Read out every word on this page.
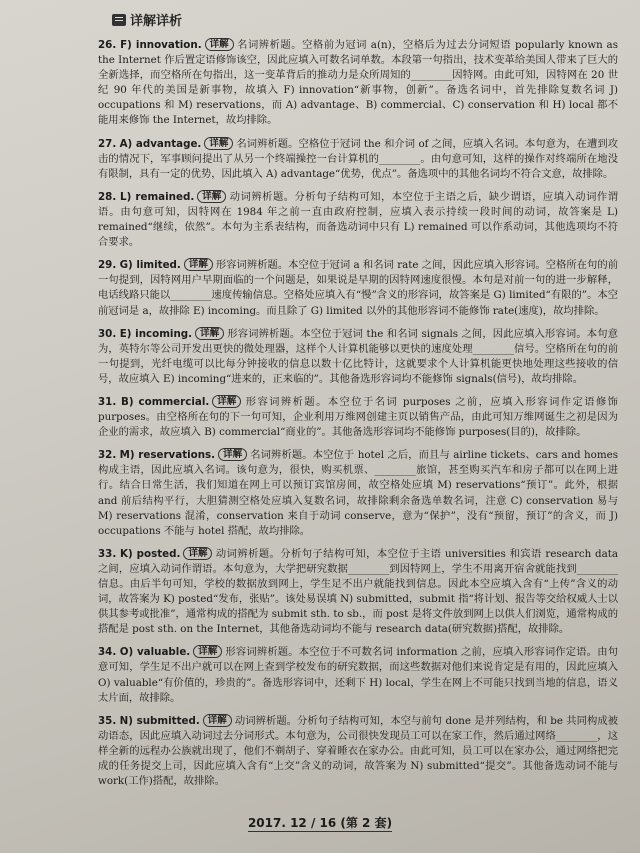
详解详析

26. F) innovation. 详解 名词辨析题。空格前为冠词 a(n)，空格后为过去分词短语 popularly known as the Internet 作后置定语修饰该空，因此应填入可数名词单数。本段第一句指出，技术变革给美国人带来了巨大的全新选择，而空格所在句指出，这一变革背后的推动力是众所周知的________因特网。由此可知，因特网在 20 世纪 90 年代的美国是新事物，故填入 F) innovation“新事物，创新”。备选名词中，首先排除复数名词 J) occupations 和 M) reservations，而 A) advantage、B) commercial、C) conservation 和 H) local 都不能用来修饰 the Internet，故均排除。

27. A) advantage. 详解 名词辨析题。空格位于冠词 the 和介词 of 之间，应填入名词。本句意为，在遭到攻击的情况下，军事顾问提出了从另一个终端操控一台计算机的________。由句意可知，这样的操作对终端所在地没有限制，具有一定的优势，因此填入 A) advantage“优势，优点”。备选项中的其他名词均不符合文意，故排除。

28. L) remained. 详解 动词辨析题。分析句子结构可知，本空位于主语之后，缺少谓语，应填入动词作谓语。由句意可知，因特网在 1984 年之前一直由政府控制，应填入表示持续一段时间的动词，故答案是 L) remained“继续，依然”。本句为主系表结构，而备选动词中只有 L) remained 可以作系动词，其他选项均不符合要求。

29. G) limited. 详解 形容词辨析题。本空位于冠词 a 和名词 rate 之间，因此应填入形容词。空格所在句的前一句提到，因特网用户早期面临的一个问题是，如果说是早期的因特网速度很慢。本句是对前一句的进一步解释，电话线路只能以________速度传输信息。空格处应填入有“慢”含义的形容词，故答案是 G) limited“有限的”。本空前冠词是 a，故排除 E) incoming。而且除了 G) limited 以外的其他形容词不能修饰 rate(速度)，故均排除。

30. E) incoming. 详解 形容词辨析题。本空位于冠词 the 和名词 signals 之间，因此应填入形容词。本句意为，英特尔等公司开发出更快的微处理器，这样个人计算机能够以更快的速度处理________信号。空格所在句的前一句提到，光纤电缆可以比每分钟接收的信息以数十亿比特计，这就要求个人计算机能更快地处理这些接收的信号，故应填入 E) incoming“进来的，正来临的”。其他备选形容词均不能修饰 signals(信号)，故均排除。

31. B) commercial. 详解 形容词辨析题。本空位于名词 purposes 之前，应填入形容词作定语修饰 purposes。由空格所在句的下一句可知，企业利用万维网创建主页以销售产品，由此可知万维网诞生之初是因为企业的需求，故应填入 B) commercial“商业的”。其他备选形容词均不能修饰 purposes(目的)，故排除。

32. M) reservations. 详解 名词辨析题。本空位于 hotel 之后，而且与 airline tickets、cars and homes 构成主语，因此应填入名词。该句意为，很快，购买机票、________旅馆，甚至购买汽车和房子都可以在网上进行。结合日常生活，我们知道在网上可以预订宾馆房间，故空格处应填 M) reservations“预订”。此外，根据 and 前后结构平行，大胆猜测空格处应填入复数名词，故排除剩余备选单数名词，注意 C) conservation 易与 M) reservations 混淆，conservation 来自于动词 conserve，意为“保护”，没有“预留，预订”的含义，而 J) occupations 不能与 hotel 搭配，故均排除。

33. K) posted. 详解 动词辨析题。分析句子结构可知，本空位于主语 universities 和宾语 research data 之间，应填入动词作谓语。本句意为，大学把研究数据________到因特网上，学生不用离开宿舍就能找到________信息。由后半句可知，学校的数据放到网上，学生足不出户就能找到信息。因此本空应填入含有“上传”含义的动词，故答案为 K) posted“发布，张贴”。该处易误填 N) submitted，submit 指“将计划、报告等交给权威人士以供其参考或批准”，通常构成的搭配为 submit sth. to sb.，而 post 是将文件放到网上以供人们浏览，通常构成的搭配是 post sth. on the Internet，其他备选动词均不能与 research data(研究数据)搭配，故排除。

34. O) valuable. 详解 形容词辨析题。本空位于不可数名词 information 之前，应填入形容词作定语。由句意可知，学生足不出户就可以在网上查到学校发布的研究数据，而这些数据对他们来说肯定是有用的，因此应填入 O) valuable“有价值的，珍贵的”。备选形容词中，还剩下 H) local，学生在网上不可能只找到当地的信息，语义太片面，故排除。

35. N) submitted. 详解 动词辨析题。分析句子结构可知，本空与前句 done 是并列结构，和 be 共同构成被动语态，因此应填入动词过去分词形式。本句意为，公司很快发现员工可以在家工作，然后通过网络________，这样全新的远程办公族就出现了，他们不剃胡子、穿着睡衣在家办公。由此可知，员工可以在家办公，通过网络把完成的任务提交上司，因此应填入含有“上交”含义的动词，故答案为 N) submitted“提交”。其他备选动词不能与 work(工作)搭配，故排除。

2017. 12 / 16 (第 2 套)
